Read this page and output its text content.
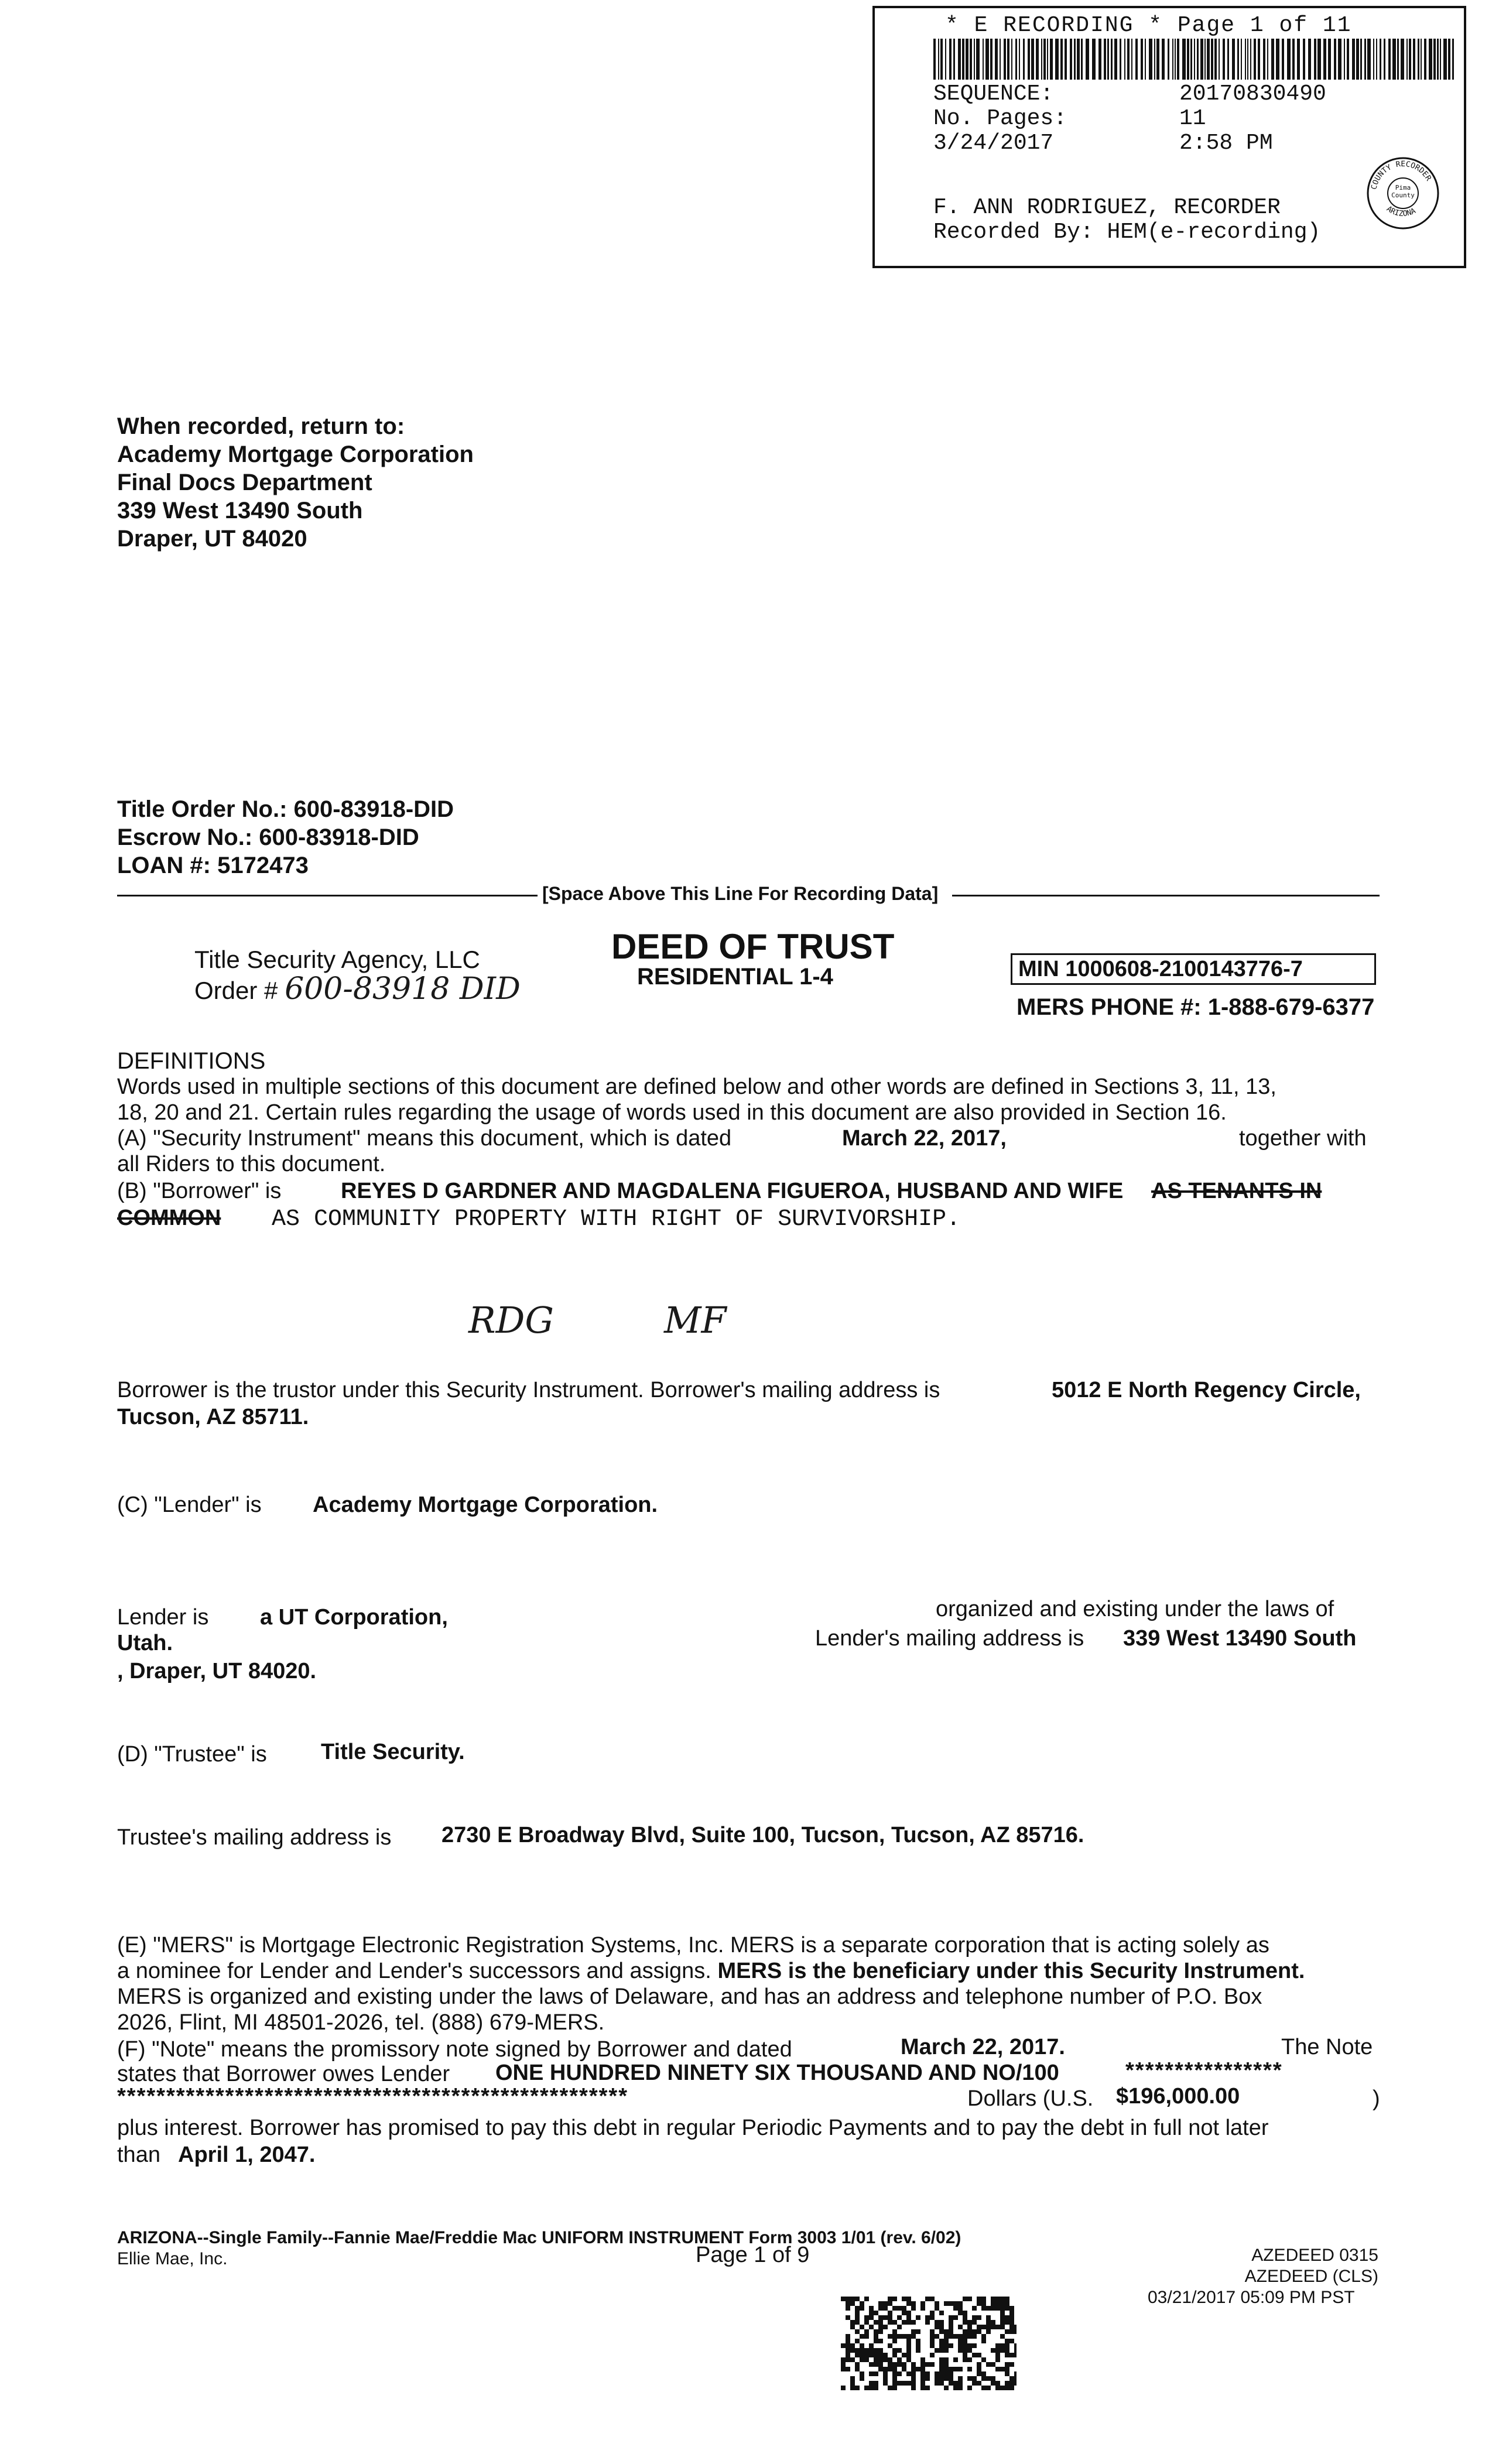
* E RECORDING * Page 1 of 11
SEQUENCE:	20170830490
No. Pages:	11
3/24/2017	2:58 PM
F. ANN RODRIGUEZ, RECORDER
Recorded By: HEM(e-recording)
COUNTY RECORDER
ARIZONA
Pima County
When recorded, return to:
Academy Mortgage Corporation
Final Docs Department
339 West 13490 South
Draper, UT 84020
Title Order No.: 600-83918-DID
Escrow No.: 600-83918-DID
LOAN #: 5172473
[Space Above This Line For Recording Data]
Title Security Agency, LLC
Order # 600-83918 DID
DEED OF TRUST
RESIDENTIAL 1-4	MIN 1000608-2100143776-7
MERS PHONE #: 1-888-679-6377
DEFINITIONS
Words used in multiple sections of this document are defined below and other words are defined in Sections 3, 11, 13,
18, 20 and 21. Certain rules regarding the usage of words used in this document are also provided in Section 16.
(A) "Security Instrument" means this document, which is dated	March 22, 2017,	together with
all Riders to this document.
(B) "Borrower" is	REYES D GARDNER AND MAGDALENA FIGUEROA, HUSBAND AND WIFE AS TENANTS IN
COMMON AS COMMUNITY PROPERTY WITH RIGHT OF SURVIVORSHIP.
RDG	MF
Borrower is the trustor under this Security Instrument. Borrower's mailing address is	5012 E North Regency Circle,
Tucson, AZ 85711.
(C) "Lender" is Academy Mortgage Corporation.
Lender is a UT Corporation,	organized and existing under the laws of
Utah.	Lender's mailing address is 339 West 13490 South
, Draper, UT 84020.
(D) "Trustee" is Title Security.
Trustee's mailing address is 2730 E Broadway Blvd, Suite 100, Tucson, Tucson, AZ 85716.
(E) "MERS" is Mortgage Electronic Registration Systems, Inc. MERS is a separate corporation that is acting solely as
a nominee for Lender and Lender's successors and assigns. MERS is the beneficiary under this Security Instrument.
MERS is organized and existing under the laws of Delaware, and has an address and telephone number of P.O. Box
2026, Flint, MI 48501-2026, tel. (888) 679-MERS.
(F) "Note" means the promissory note signed by Borrower and dated	March 22, 2017.	The Note
states that Borrower owes Lender ONE HUNDRED NINETY SIX THOUSAND AND NO/100	****************
****************************************************	Dollars (U.S. $196,000.00	)
plus interest. Borrower has promised to pay this debt in regular Periodic Payments and to pay the debt in full not later
than April 1, 2047.
ARIZONA--Single Family--Fannie Mae/Freddie Mac UNIFORM INSTRUMENT Form 3003 1/01 (rev. 6/02)
Ellie Mae, Inc.	Page 1 of 9	AZEDEED 0315
AZEDEED (CLS)
03/21/2017 05:09 PM PST
